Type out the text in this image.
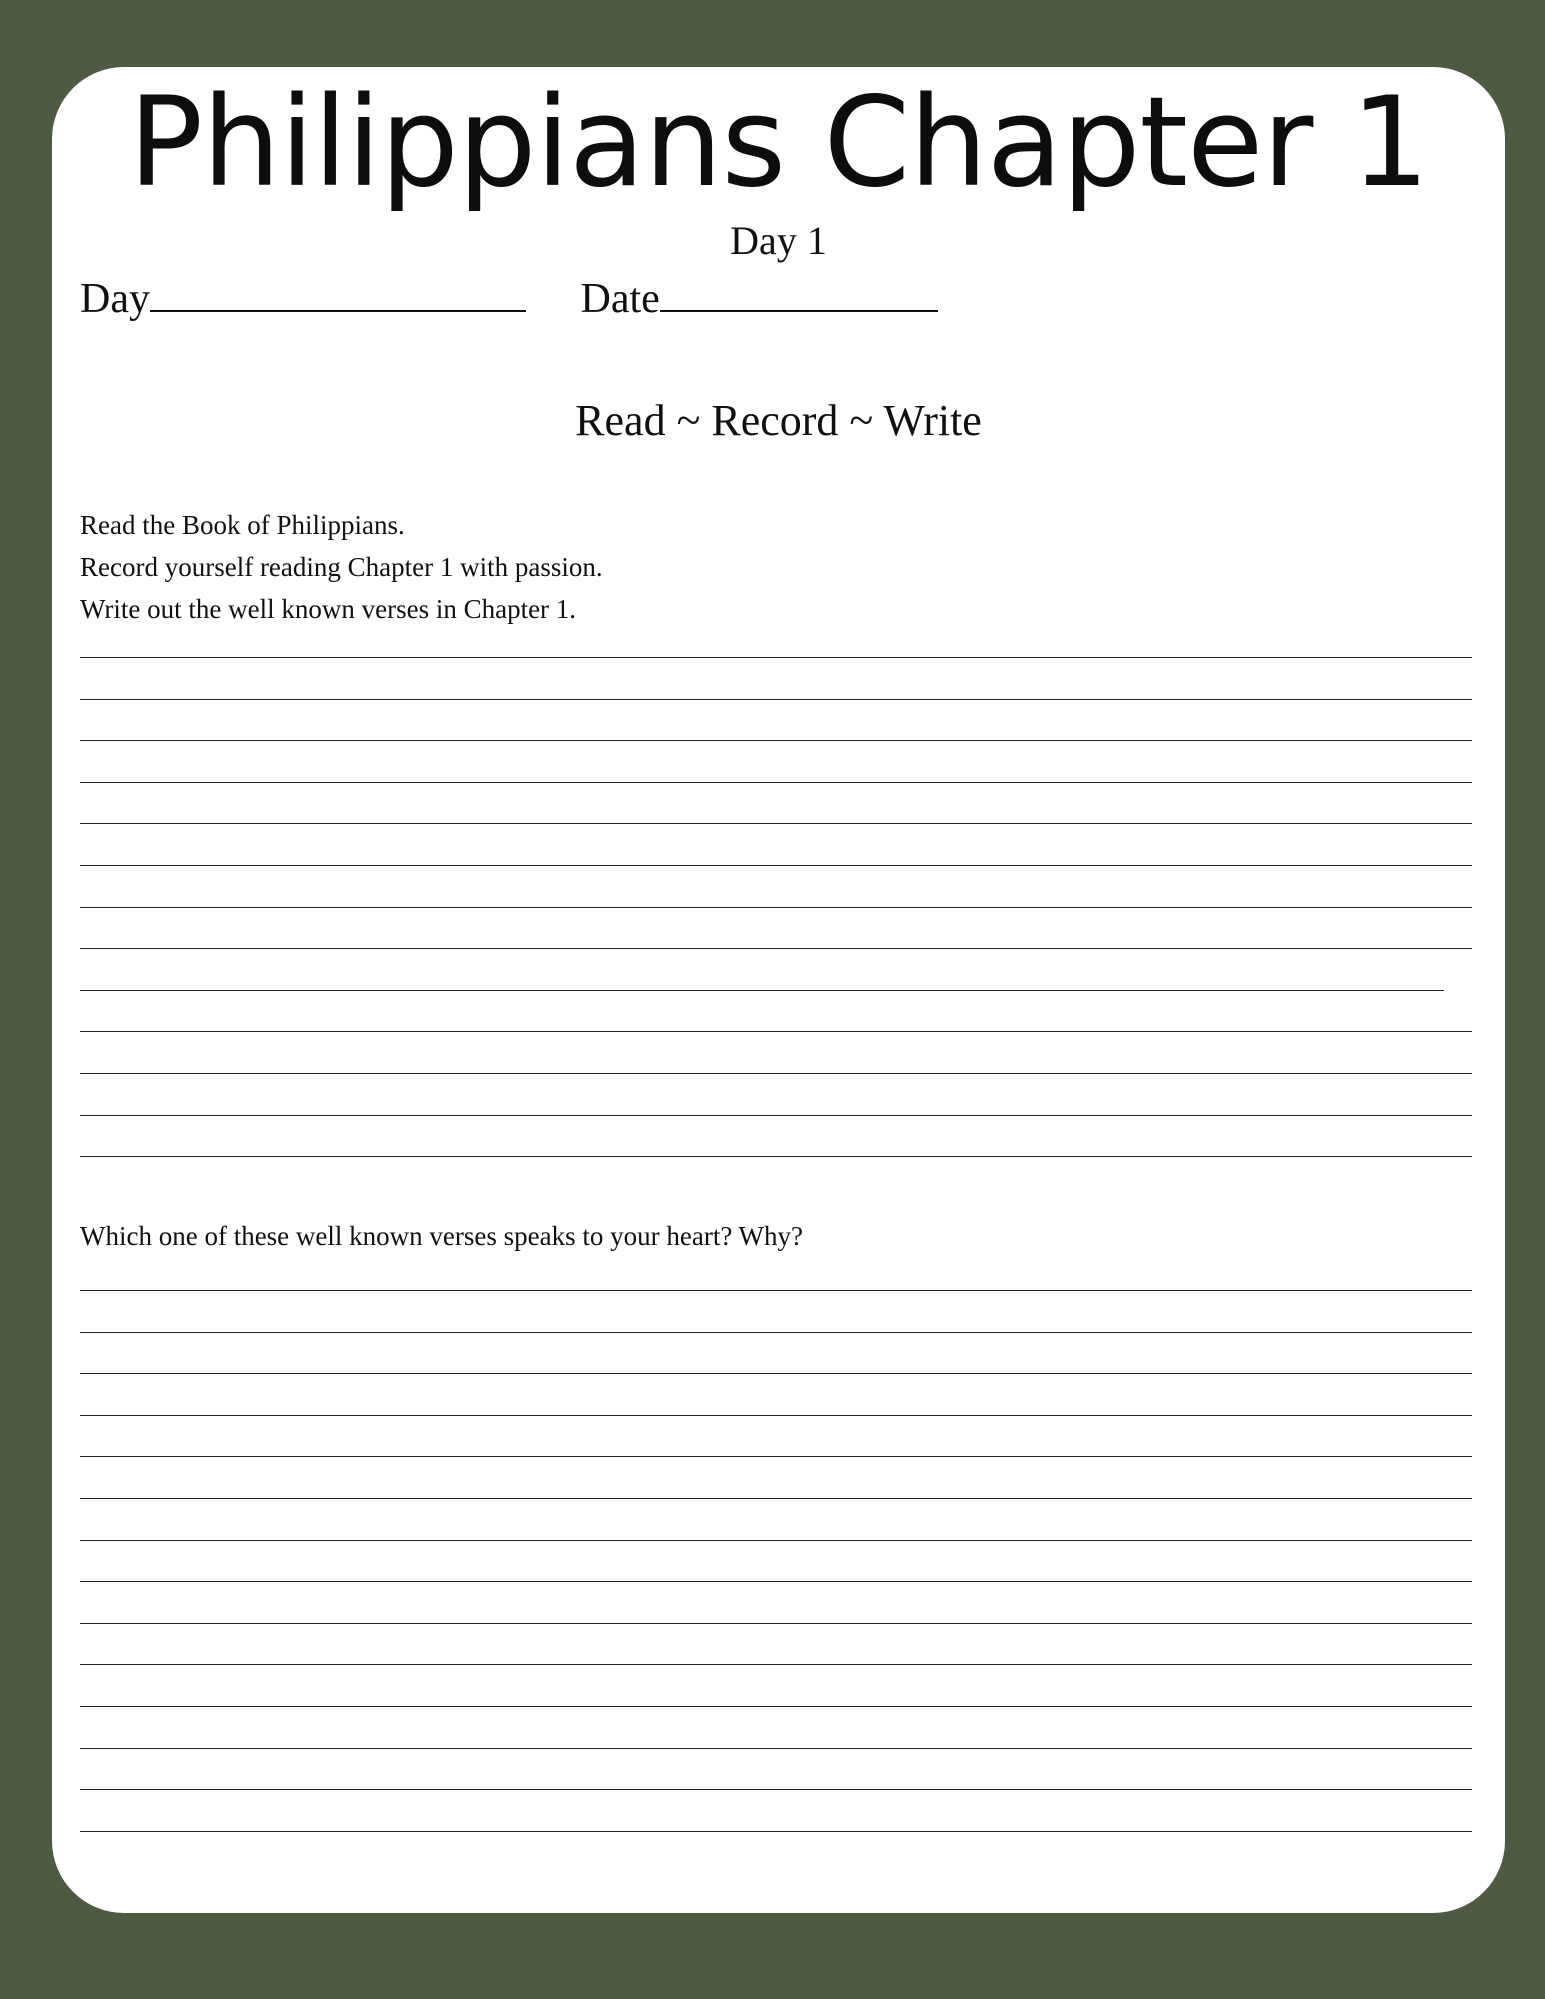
Philippians Chapter 1
Day 1
Day	Date
Read ~ Record ~ Write
Read the Book of Philippians.
Record yourself reading Chapter 1 with passion.
Write out the well known verses in Chapter 1.
Which one of these well known verses speaks to your heart? Why?
